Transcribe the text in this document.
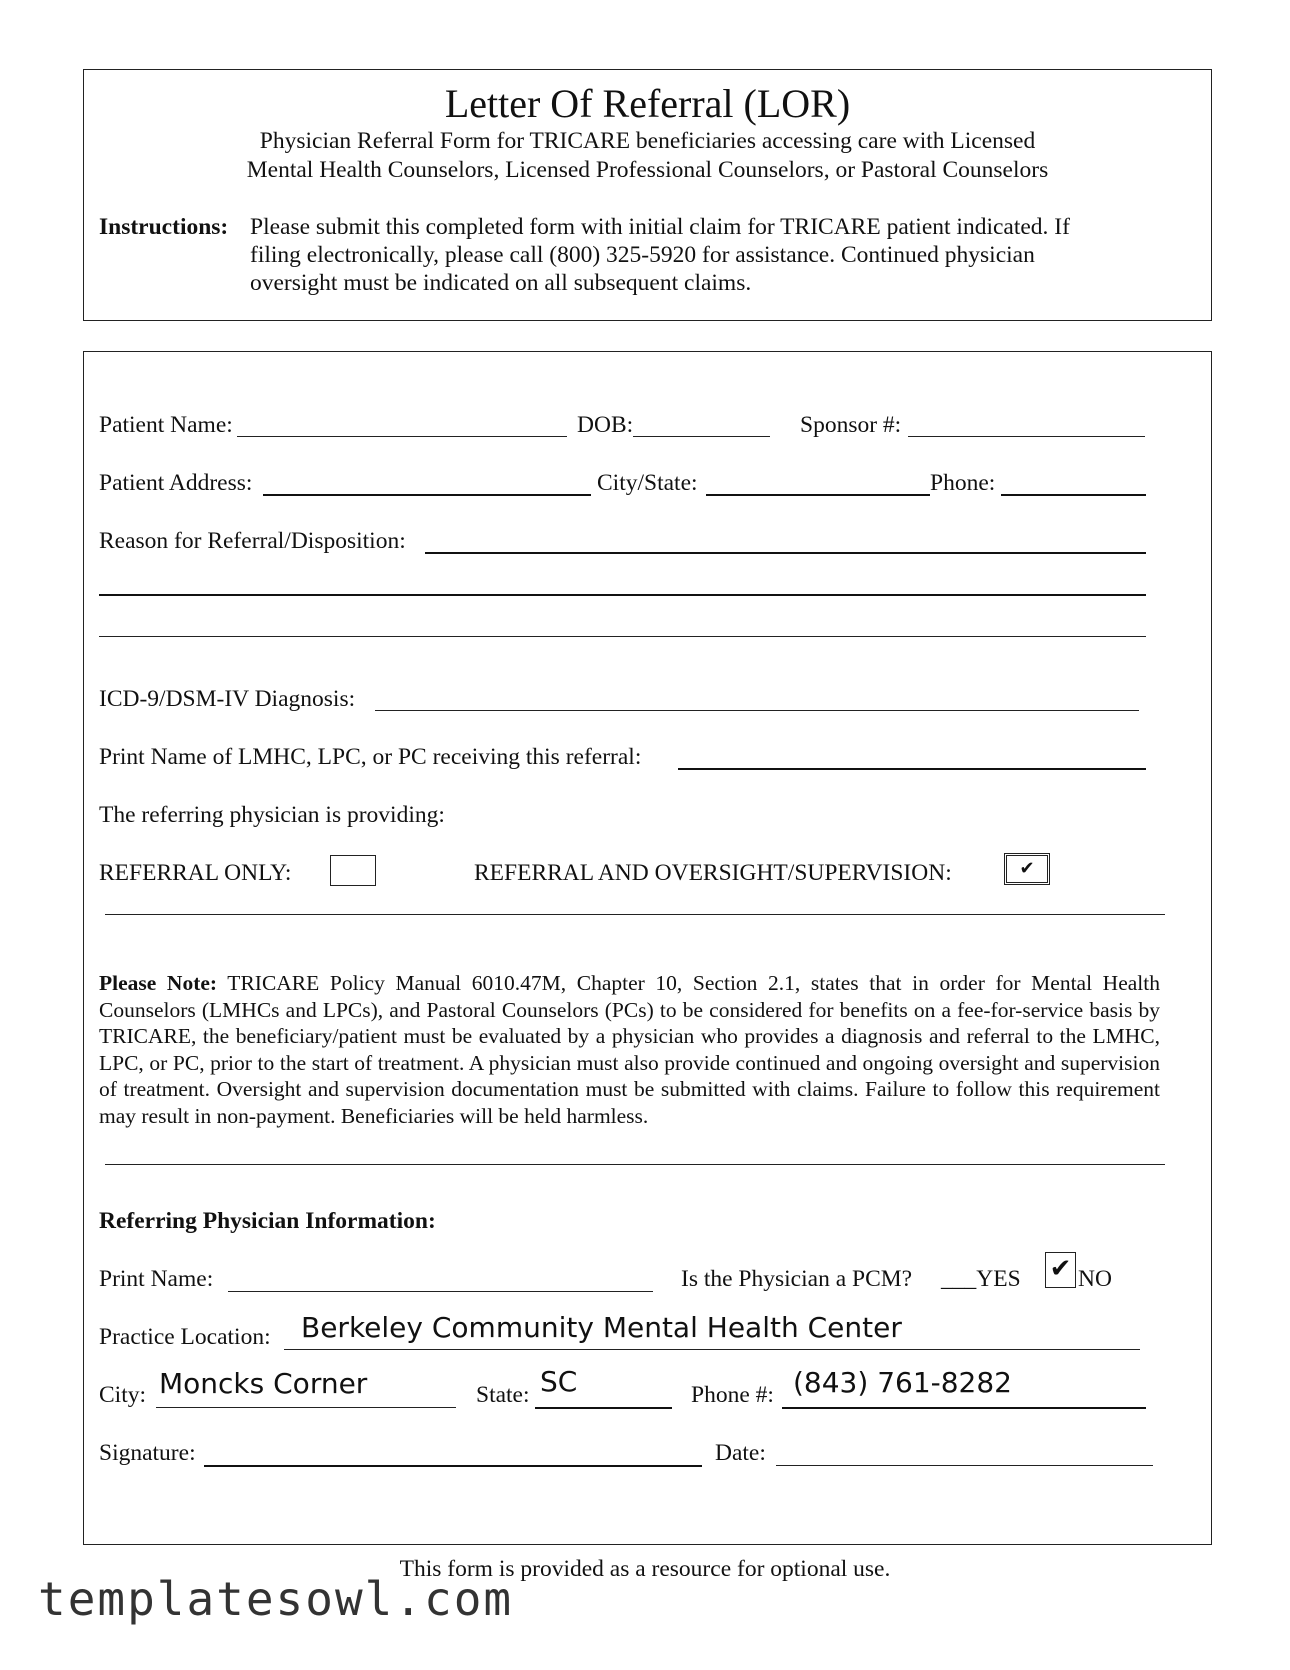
Letter Of Referral (LOR)
Physician Referral Form for TRICARE beneficiaries accessing care with Licensed
Mental Health Counselors, Licensed Professional Counselors, or Pastoral Counselors
Instructions: Please submit this completed form with initial claim for TRICARE patient indicated. If
filing electronically, please call (800) 325-5920 for assistance. Continued physician
oversight must be indicated on all subsequent claims.
Patient Name:	DOB:	Sponsor #:
Patient Address:	City/State:	Phone:
Reason for Referral/Disposition:
ICD-9/DSM-IV Diagnosis:
Print Name of LMHC, LPC, or PC receiving this referral:
The referring physician is providing:
REFERRAL ONLY:	REFERRAL AND OVERSIGHT/SUPERVISION:	✔
Please Note: TRICARE Policy Manual 6010.47M, Chapter 10, Section 2.1, states that in order for Mental Health Counselors (LMHCs and LPCs), and Pastoral Counselors (PCs) to be considered for benefits on a fee-for-service basis by TRICARE, the beneficiary/patient must be evaluated by a physician who provides a diagnosis and referral to the LMHC, LPC, or PC, prior to the start of treatment. A physician must also provide continued and ongoing oversight and supervision of treatment. Oversight and supervision documentation must be submitted with claims. Failure to follow this requirement may result in non-payment. Beneficiaries will be held harmless.
Referring Physician Information:
Print Name:	Is the Physician a PCM? ___YES ✔ NO
Practice Location: Berkeley Community Mental Health Center
City: Moncks Corner	State: SC	Phone #: (843) 761-8282
Signature:	Date:
This form is provided as a resource for optional use.
templatesowl.com
